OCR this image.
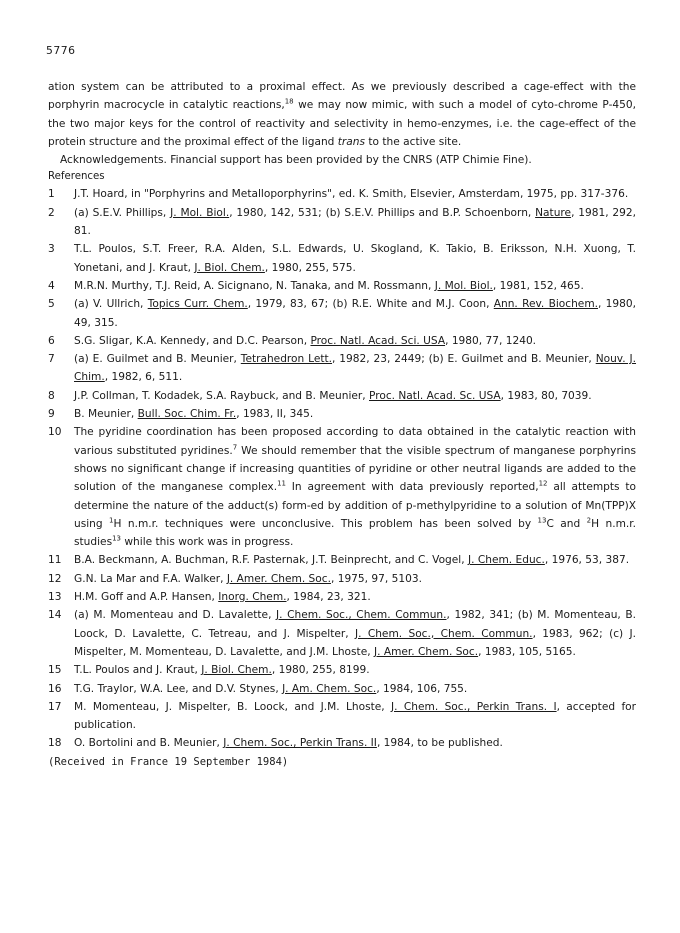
5776

ation system can be attributed to a proximal effect. As we previously described a cage-effect with the porphyrin macrocycle in catalytic reactions,$^{18}$ we may now mimic, with such a model of cyto-chrome P-450, the two major keys for the control of reactivity and selectivity in hemo-enzymes, i.e. the cage-effect of the protein structure and the proximal effect of the ligand trans to the active site.

Acknowledgements. Financial support has been provided by the CNRS (ATP Chimie Fine).

References

1	J.T. Hoard, in "Porphyrins and Metalloporphyrins", ed. K. Smith, Elsevier, Amsterdam, 1975, pp. 317-376.

2	(a) S.E.V. Phillips, J. Mol. Biol., 1980, 142, 531; (b) S.E.V. Phillips and B.P. Schoenborn, Nature, 1981, 292, 81.

3	T.L. Poulos, S.T. Freer, R.A. Alden, S.L. Edwards, U. Skogland, K. Takio, B. Eriksson, N.H. Xuong, T. Yonetani, and J. Kraut, J. Biol. Chem., 1980, 255, 575.

4	M.R.N. Murthy, T.J. Reid, A. Sicignano, N. Tanaka, and M. Rossmann, J. Mol. Biol., 1981, 152, 465.

5	(a) V. Ullrich, Topics Curr. Chem., 1979, 83, 67; (b) R.E. White and M.J. Coon, Ann. Rev. Biochem., 1980, 49, 315.

6	S.G. Sligar, K.A. Kennedy, and D.C. Pearson, Proc. Natl. Acad. Sci. USA, 1980, 77, 1240.

7	(a) E. Guilmet and B. Meunier, Tetrahedron Lett., 1982, 23, 2449; (b) E. Guilmet and B. Meunier, Nouv. J. Chim., 1982, 6, 511.

8	J.P. Collman, T. Kodadek, S.A. Raybuck, and B. Meunier, Proc. Natl. Acad. Sc. USA, 1983, 80, 7039.

9	B. Meunier, Bull. Soc. Chim. Fr., 1983, II, 345.

10	The pyridine coordination has been proposed according to data obtained in the catalytic reaction with various substituted pyridines.$^7$ We should remember that the visible spectrum of manganese porphyrins shows no significant change if increasing quantities of pyridine or other neutral ligands are added to the solution of the manganese complex.$^{11}$ In agreement with data previously reported,$^{12}$ all attempts to determine the nature of the adduct(s) form-ed by addition of p-methylpyridine to a solution of Mn(TPP)X using $^1$H n.m.r. techniques were unconclusive. This problem has been solved by $^{13}$C and $^2$H n.m.r. studies$^{13}$ while this work was in progress.

11	B.A. Beckmann, A. Buchman, R.F. Pasternak, J.T. Beinprecht, and C. Vogel, J. Chem. Educ., 1976, 53, 387.

12	G.N. La Mar and F.A. Walker, J. Amer. Chem. Soc., 1975, 97, 5103.

13	H.M. Goff and A.P. Hansen, Inorg. Chem., 1984, 23, 321.

14	(a) M. Momenteau and D. Lavalette, J. Chem. Soc., Chem. Commun., 1982, 341; (b) M. Momenteau, B. Loock, D. Lavalette, C. Tetreau, and J. Mispelter, J. Chem. Soc., Chem. Commun., 1983, 962; (c) J. Mispelter, M. Momenteau, D. Lavalette, and J.M. Lhoste, J. Amer. Chem. Soc., 1983, 105, 5165.

15	T.L. Poulos and J. Kraut, J. Biol. Chem., 1980, 255, 8199.

16	T.G. Traylor, W.A. Lee, and D.V. Stynes, J. Am. Chem. Soc., 1984, 106, 755.

17	M. Momenteau, J. Mispelter, B. Loock, and J.M. Lhoste, J. Chem. Soc., Perkin Trans. I, accepted for publication.

18	O. Bortolini and B. Meunier, J. Chem. Soc., Perkin Trans. II, 1984, to be published.

(Received in France 19 September 1984)
